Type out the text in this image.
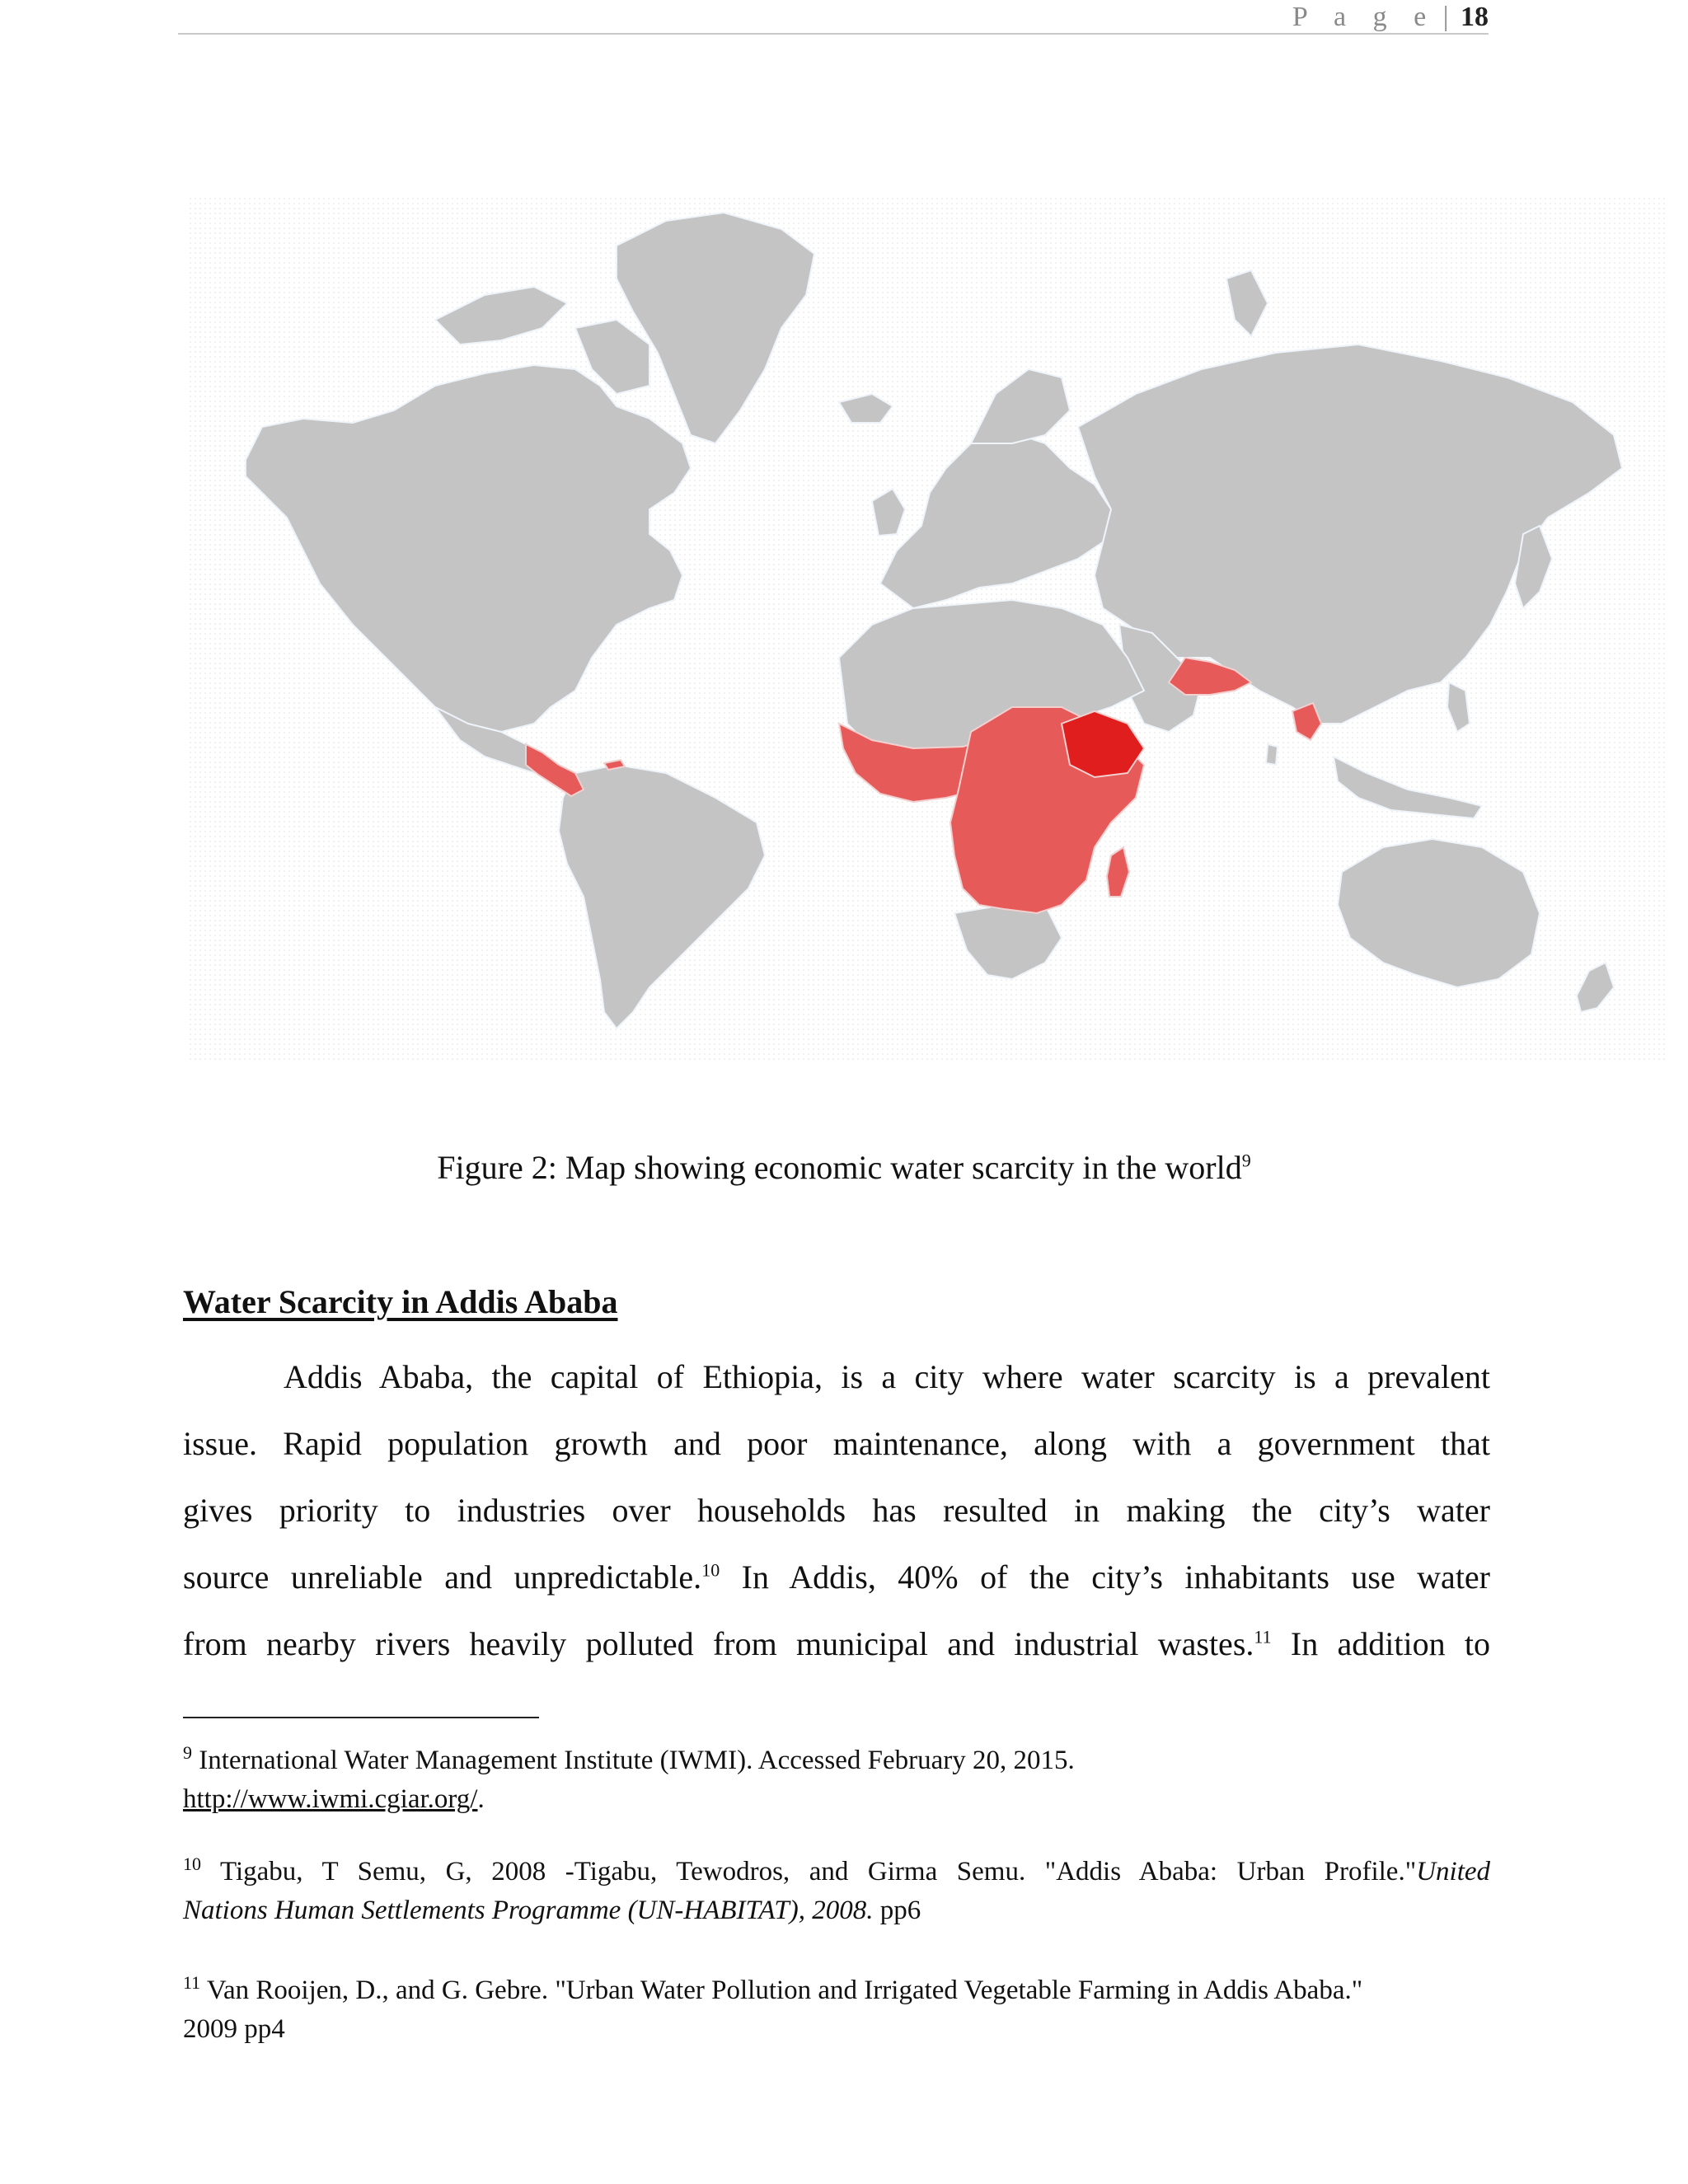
P a g e | 18
Figure 2: Map showing economic water scarcity in the world$^9$
Water Scarcity in Addis Ababa
Addis Ababa, the capital of Ethiopia, is a city where water scarcity is a prevalent
issue. Rapid population growth and poor maintenance, along with a government that
gives priority to industries over households has resulted in making the city’s water
source unreliable and unpredictable.$^{10}$ In Addis, 40% of the city’s inhabitants use water
from nearby rivers heavily polluted from municipal and industrial wastes.$^{11}$ In addition to
$^9$ International Water Management Institute (IWMI). Accessed February 20, 2015.
http://www.iwmi.cgiar.org/.
$^{10}$ Tigabu, T Semu, G, 2008 -Tigabu, Tewodros, and Girma Semu. "Addis Ababa: Urban Profile."United
Nations Human Settlements Programme (UN-HABITAT), 2008. pp6
$^{11}$ Van Rooijen, D., and G. Gebre. "Urban Water Pollution and Irrigated Vegetable Farming in Addis Ababa."
2009 pp4
